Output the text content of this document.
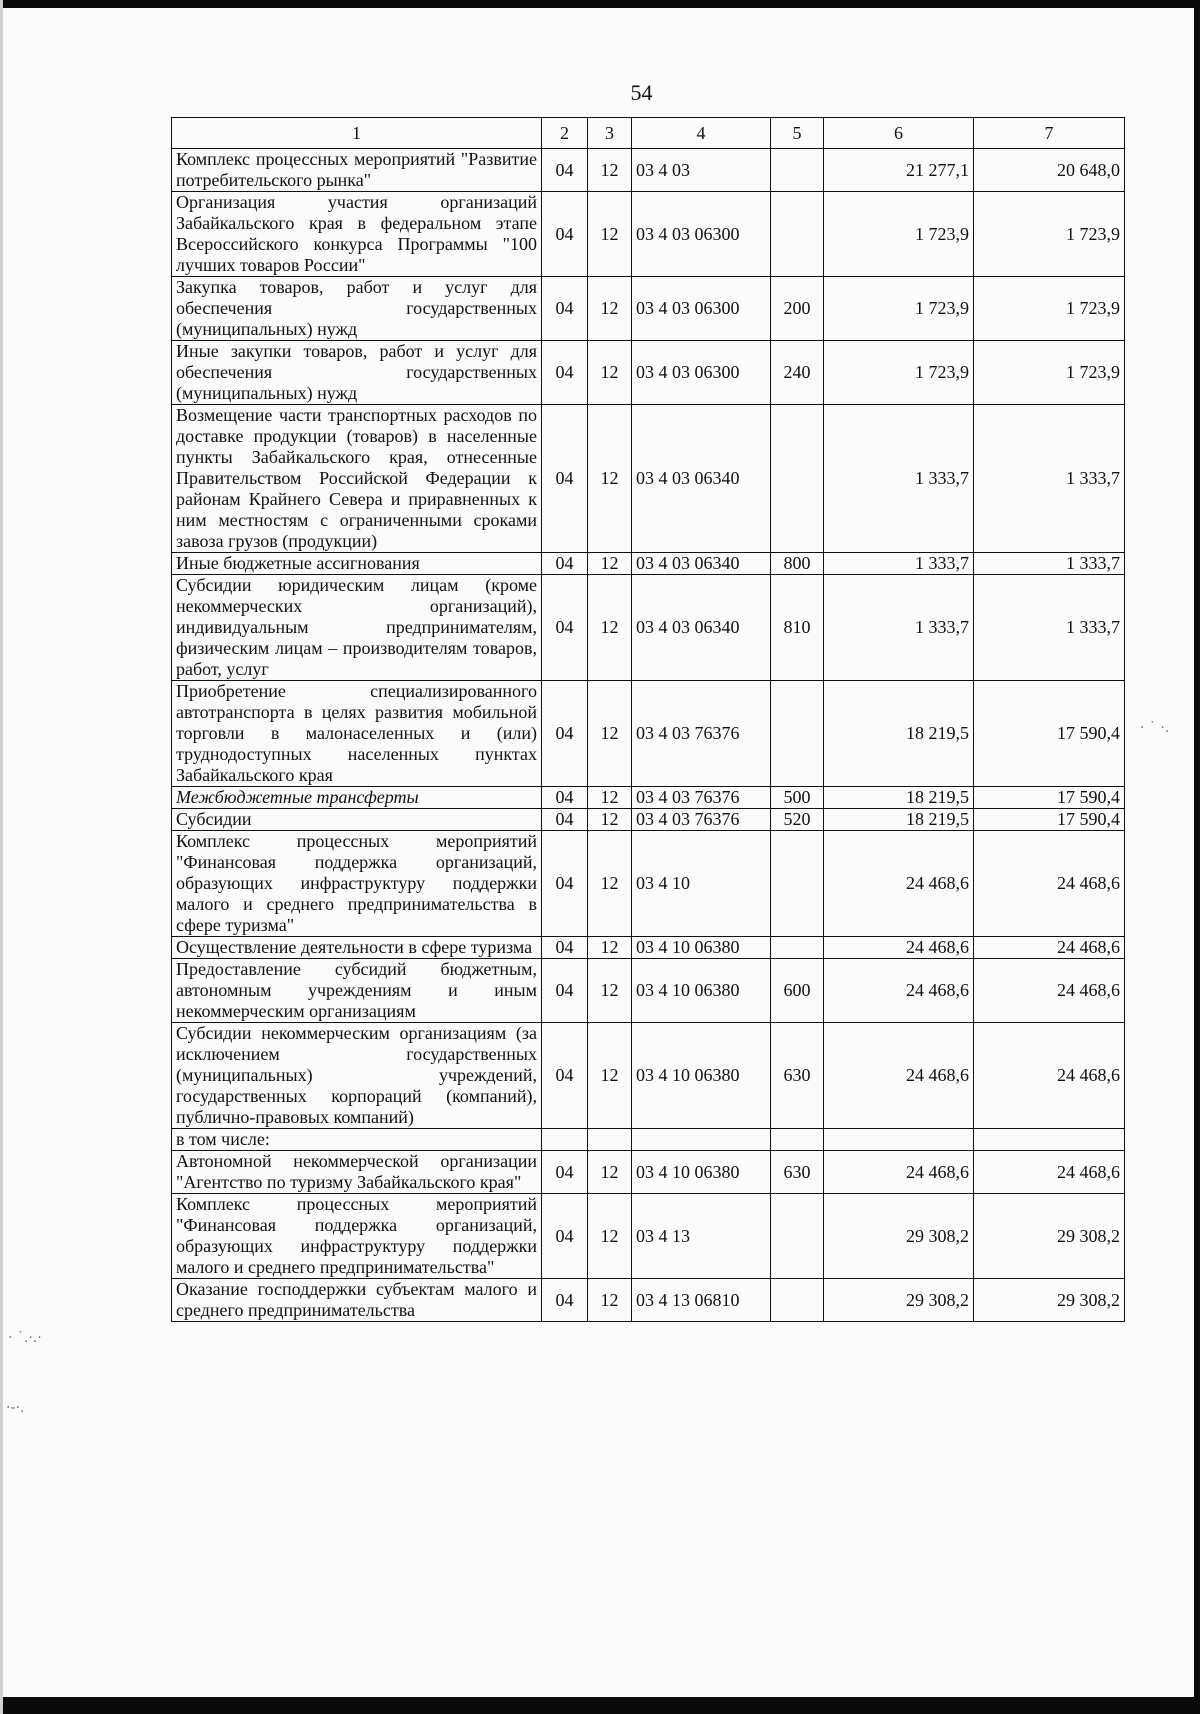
54
1	2	3	4	5	6	7
Комплекс процессных мероприятий "Развитие потребительского рынка"	04	12	03 4 03		21 277,1	20 648,0
Организация участия организаций Забайкальского края в федеральном этапе Всероссийского конкурса Программы "100 лучших товаров России"	04	12	03 4 03 06300		1 723,9	1 723,9
Закупка товаров, работ и услуг для обеспечения государственных (муниципальных) нужд	04	12	03 4 03 06300	200	1 723,9	1 723,9
Иные закупки товаров, работ и услуг для обеспечения государственных (муниципальных) нужд	04	12	03 4 03 06300	240	1 723,9	1 723,9
Возмещение части транспортных расходов по доставке продукции (товаров) в населенные пункты Забайкальского края, отнесенные Правительством Российской Федерации к районам Крайнего Севера и приравненных к ним местностям с ограниченными сроками завоза грузов (продукции)	04	12	03 4 03 06340		1 333,7	1 333,7
Иные бюджетные ассигнования	04	12	03 4 03 06340	800	1 333,7	1 333,7
Субсидии юридическим лицам (кроме некоммерческих организаций), индивидуальным предпринимателям, физическим лицам – производителям товаров, работ, услуг	04	12	03 4 03 06340	810	1 333,7	1 333,7
Приобретение специализированного автотранспорта в целях развития мобильной торговли в малонаселенных и (или) труднодоступных населенных пунктах Забайкальского края	04	12	03 4 03 76376		18 219,5	17 590,4
Межбюджетные трансферты	04	12	03 4 03 76376	500	18 219,5	17 590,4
Субсидии	04	12	03 4 03 76376	520	18 219,5	17 590,4
Комплекс процессных мероприятий "Финансовая поддержка организаций, образующих инфраструктуру поддержки малого и среднего предпринимательства в сфере туризма"	04	12	03 4 10		24 468,6	24 468,6
Осуществление деятельности в сфере туризма	04	12	03 4 10 06380		24 468,6	24 468,6
Предоставление субсидий бюджетным, автономным учреждениям и иным некоммерческим организациям	04	12	03 4 10 06380	600	24 468,6	24 468,6
Субсидии некоммерческим организациям (за исключением государственных (муниципальных) учреждений, государственных корпораций (компаний), публично-правовых компаний)	04	12	03 4 10 06380	630	24 468,6	24 468,6
в том числе:						
Автономной некоммерческой организации "Агентство по туризму Забайкальского края"	04	12	03 4 10 06380	630	24 468,6	24 468,6
Комплекс процессных мероприятий "Финансовая поддержка организаций, образующих инфраструктуру поддержки малого и среднего предпринимательства"	04	12	03 4 13		29 308,2	29 308,2
Оказание господдержки субъектам малого и среднего предпринимательства	04	12	03 4 13 06810		29 308,2	29 308,2
· ˙ ·.
· ˙.·.·
·-·.
